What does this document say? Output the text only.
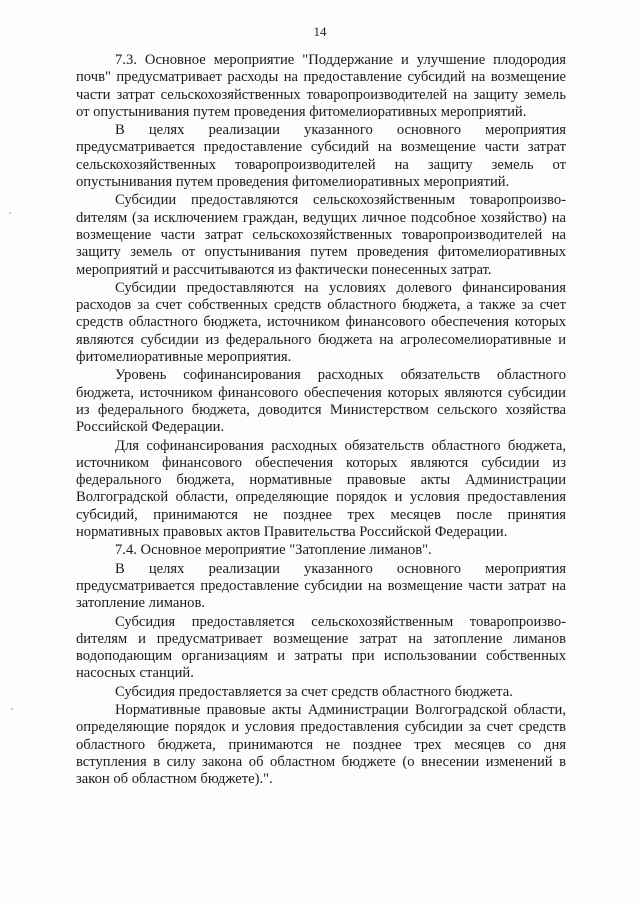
14

7.3. Основное мероприятие "Поддержание и улучшение плодородия почв" предусматривает расходы на предоставление субсидий на возмещение части затрат сельскохозяйственных товаропроизводителей на защиту земель от опустынивания путем проведения фитомелиоративных мероприятий.

В целях реализации указанного основного мероприятия предусматривается предоставление субсидий на возмещение части затрат сельскохозяйственных товаропроизводителей на защиту земель от опустынивания путем проведения фитомелиоративных мероприятий.

Субсидии предоставляются сельскохозяйственным товаропроизвоdителям (за исключением граждан, ведущих личное подсобное хозяйство) на возмещение части затрат сельскохозяйственных товаропроизводителей на защиту земель от опустынивания путем проведения фитомелиоративных мероприятий и рассчитываются из фактически понесенных затрат.

Субсидии предоставляются на условиях долевого финансирования расходов за счет собственных средств областного бюджета, а также за счет средств областного бюджета, источником финансового обеспечения которых являются субсидии из федерального бюджета на агролесомелиоративные и фитомелиоративные мероприятия.

Уровень софинансирования расходных обязательств областного бюджета, источником финансового обеспечения которых являются субсидии из федерального бюджета, доводится Министерством сельского хозяйства Российской Федерации.

Для софинансирования расходных обязательств областного бюджета, источником финансового обеспечения которых являются субсидии из федерального бюджета, нормативные правовые акты Администрации Волгоградской области, определяющие порядок и условия предоставления субсидий, принимаются не позднее трех месяцев после принятия нормативных правовых актов Правительства Российской Федерации.

7.4. Основное мероприятие "Затопление лиманов".

В целях реализации указанного основного мероприятия предусматривается предоставление субсидии на возмещение части затрат на затопление лиманов.

Субсидия предоставляется сельскохозяйственным товаропроизвоdителям и предусматривает возмещение затрат на затопление лиманов водоподающим организациям и затраты при использовании собственных насосных станций.

Субсидия предоставляется за счет средств областного бюджета.

Нормативные правовые акты Администрации Волгоградской области, определяющие порядок и условия предоставления субсидии за счет средств областного бюджета, принимаются не позднее трех месяцев со дня вступления в силу закона об областном бюджете (о внесении изменений в закон об областном бюджете).".
